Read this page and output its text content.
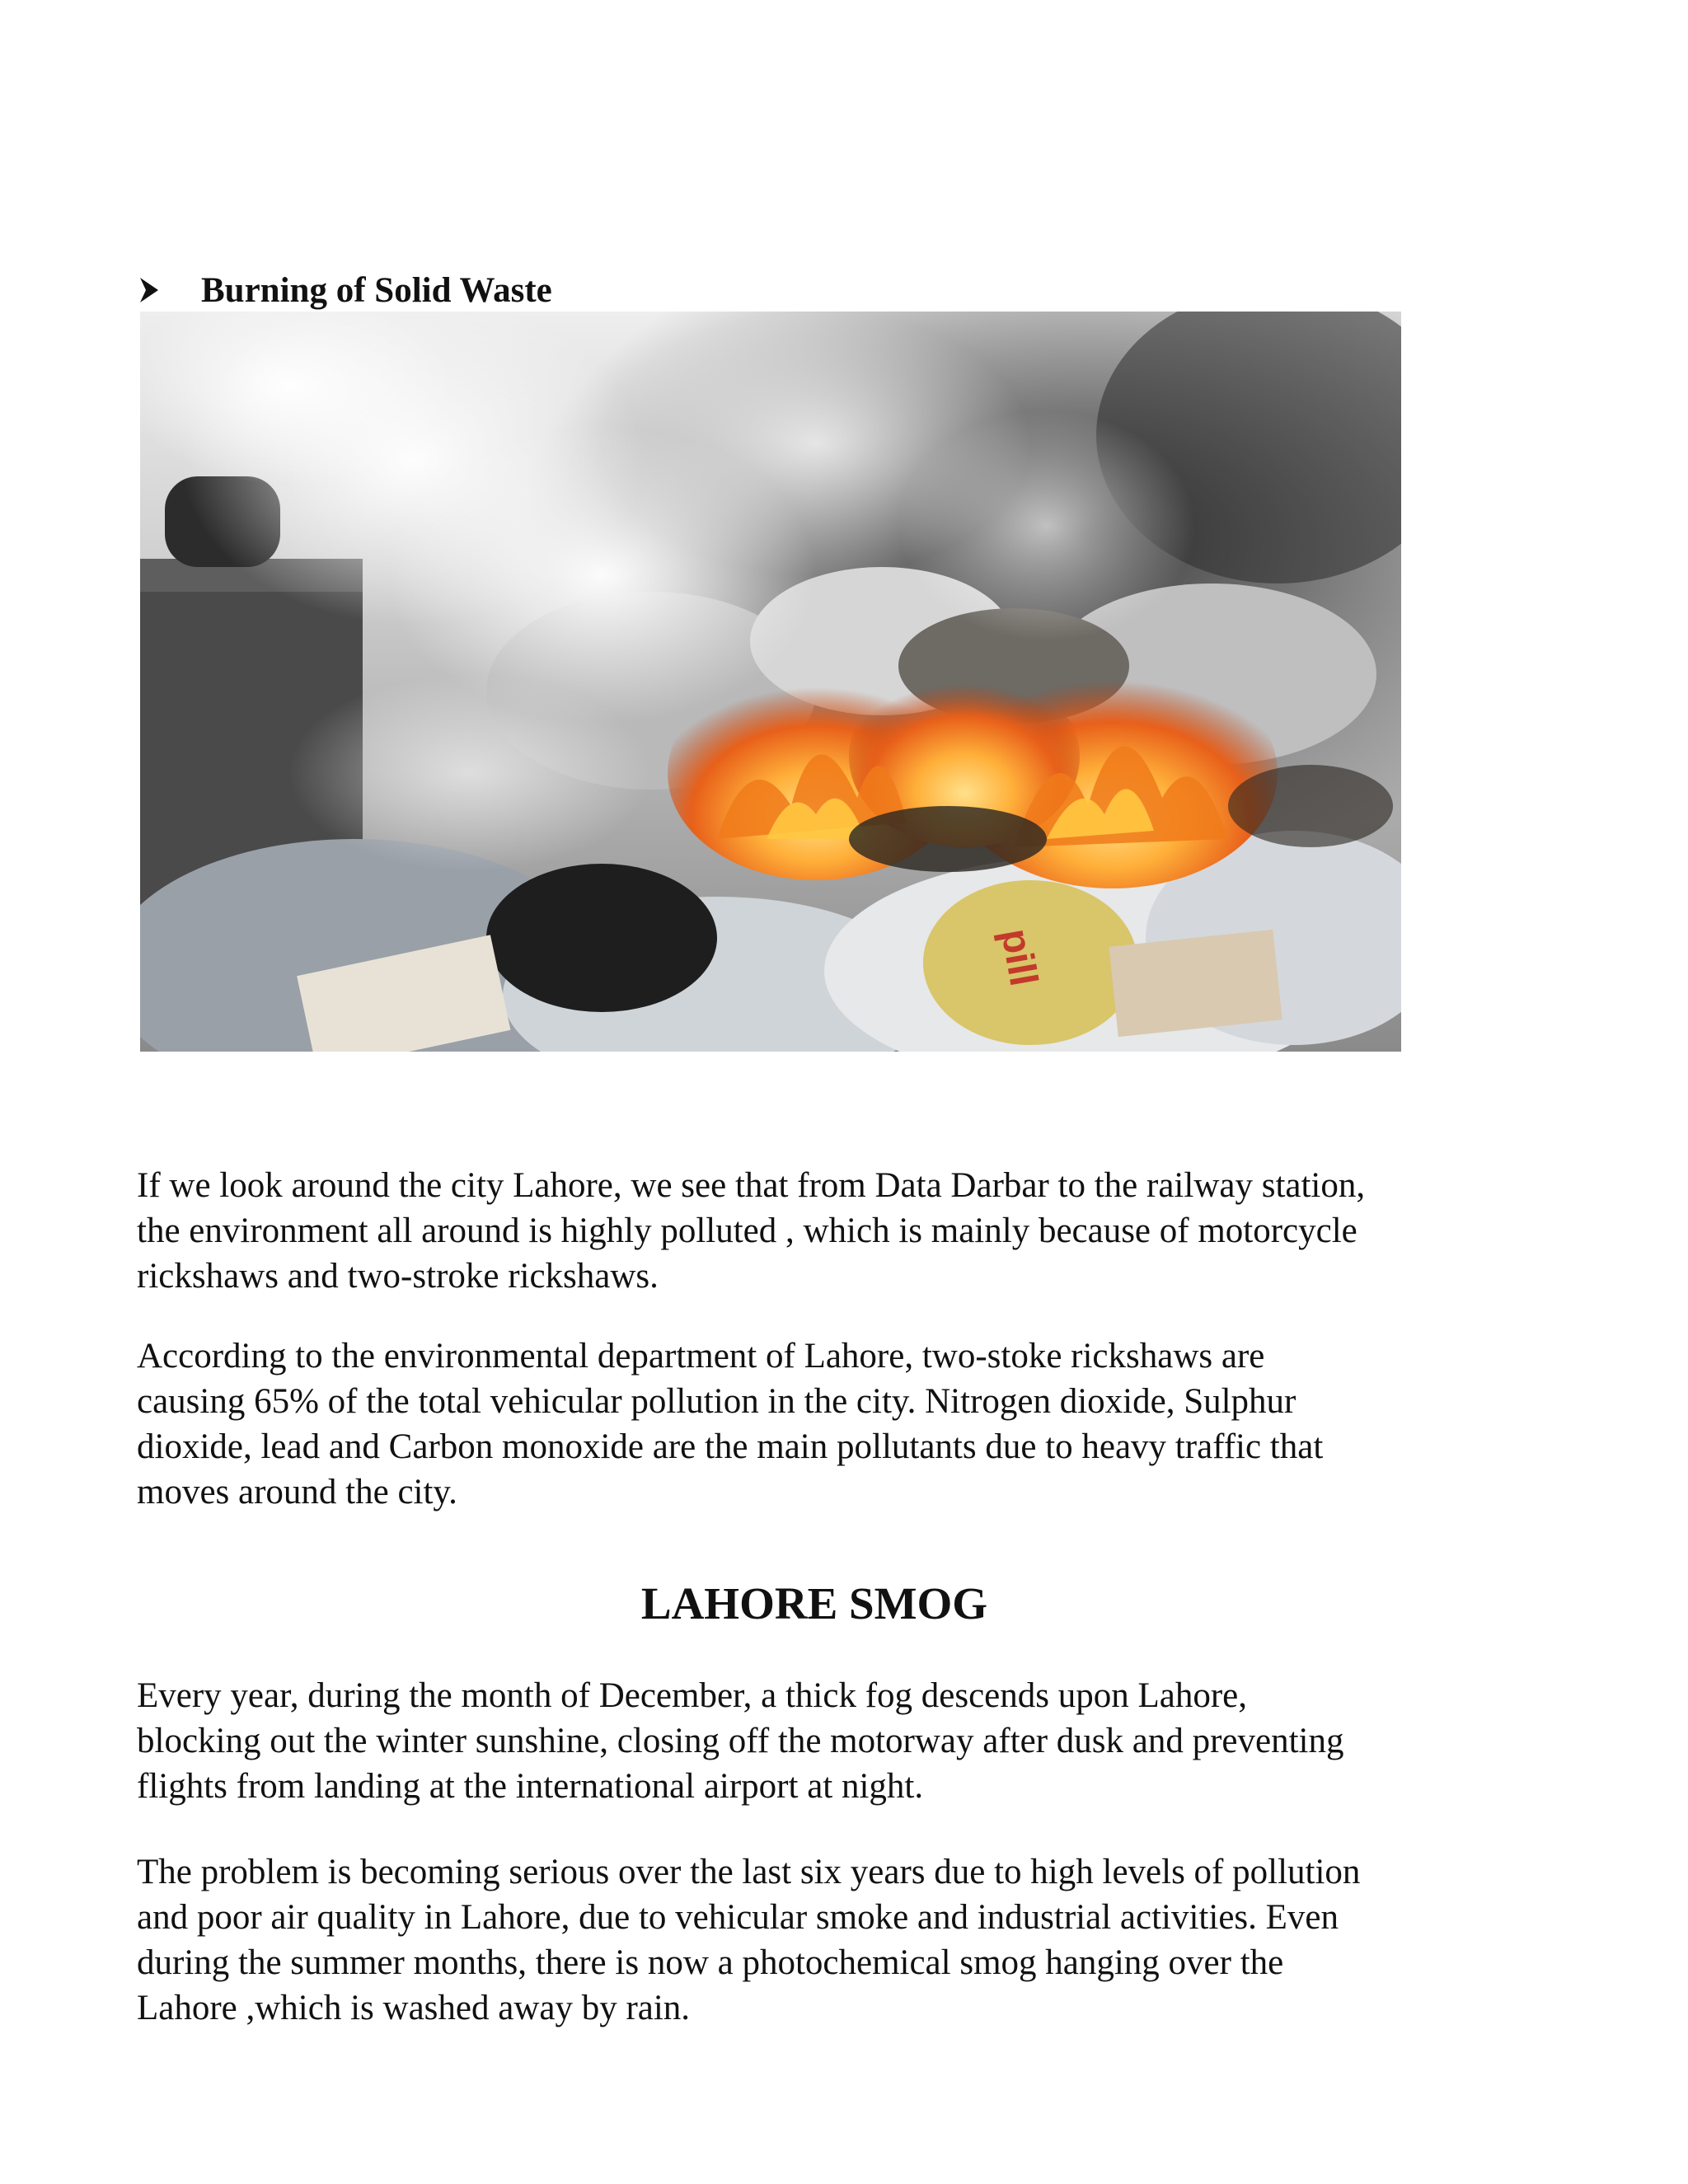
Burning of Solid Waste
pill

If we look around the city Lahore, we see that from Data Darbar to the railway station,
the environment all around is highly polluted , which is mainly because of motorcycle
rickshaws and two-stroke rickshaws.

According to the environmental department of Lahore, two-stoke rickshaws are
causing 65% of the total vehicular pollution in the city. Nitrogen dioxide, Sulphur
dioxide, lead and Carbon monoxide are the main pollutants due to heavy traffic that
moves around the city.

LAHORE SMOG

Every year, during the month of December, a thick fog descends upon Lahore,
blocking out the winter sunshine, closing off the motorway after dusk and preventing
flights from landing at the international airport at night.

The problem is becoming serious over the last six years due to high levels of pollution
and poor air quality in Lahore, due to vehicular smoke and industrial activities. Even
during the summer months, there is now a photochemical smog hanging over the
Lahore ,which is washed away by rain.
